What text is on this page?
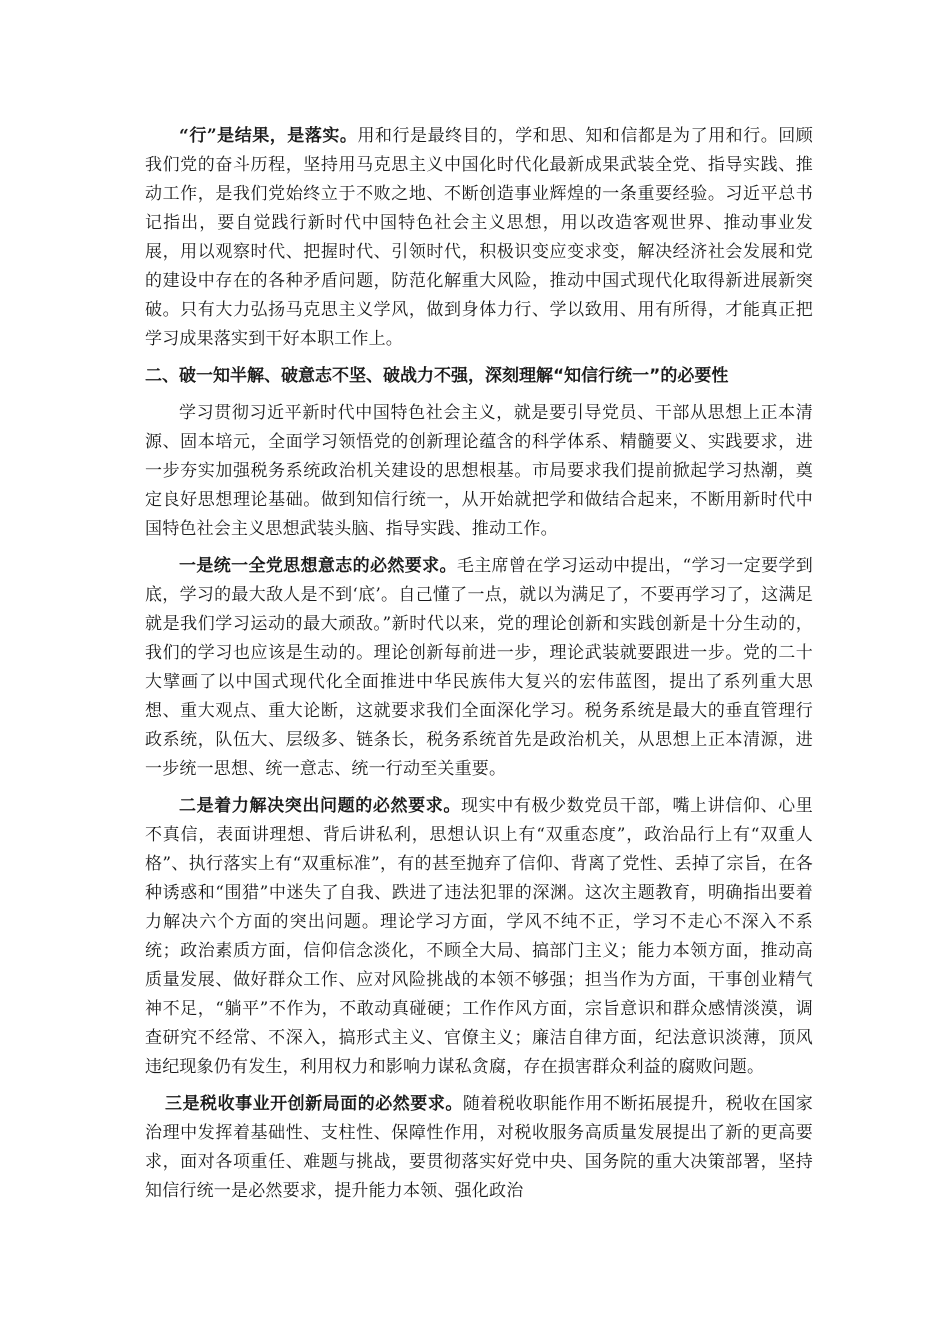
“行”是结果，是落实。用和行是最终目的，学和思、知和信都是为了用和行。回顾我们党的奋斗历程，坚持用马克思主义中国化时代化最新成果武装全党、指导实践、推动工作，是我们党始终立于不败之地、不断创造事业辉煌的一条重要经验。习近平总书记指出，要自觉践行新时代中国特色社会主义思想，用以改造客观世界、推动事业发展，用以观察时代、把握时代、引领时代，积极识变应变求变，解决经济社会发展和党的建设中存在的各种矛盾问题，防范化解重大风险，推动中国式现代化取得新进展新突破。只有大力弘扬马克思主义学风，做到身体力行、学以致用、用有所得，才能真正把学习成果落实到干好本职工作上。

二、破一知半解、破意志不坚、破战力不强，深刻理解“知信行统一”的必要性

学习贯彻习近平新时代中国特色社会主义，就是要引导党员、干部从思想上正本清源、固本培元，全面学习领悟党的创新理论蕴含的科学体系、精髓要义、实践要求，进一步夯实加强税务系统政治机关建设的思想根基。市局要求我们提前掀起学习热潮，奠定良好思想理论基础。做到知信行统一，从开始就把学和做结合起来，不断用新时代中国特色社会主义思想武装头脑、指导实践、推动工作。

一是统一全党思想意志的必然要求。毛主席曾在学习运动中提出，“学习一定要学到底，学习的最大敌人是不到‘底’。自己懂了一点，就以为满足了，不要再学习了，这满足就是我们学习运动的最大顽敌。”新时代以来，党的理论创新和实践创新是十分生动的，我们的学习也应该是生动的。理论创新每前进一步，理论武装就要跟进一步。党的二十大擘画了以中国式现代化全面推进中华民族伟大复兴的宏伟蓝图，提出了系列重大思想、重大观点、重大论断，这就要求我们全面深化学习。税务系统是最大的垂直管理行政系统，队伍大、层级多、链条长，税务系统首先是政治机关，从思想上正本清源，进一步统一思想、统一意志、统一行动至关重要。

二是着力解决突出问题的必然要求。现实中有极少数党员干部，嘴上讲信仰、心里不真信，表面讲理想、背后讲私利，思想认识上有“双重态度”，政治品行上有“双重人格”、执行落实上有“双重标准”，有的甚至抛弃了信仰、背离了党性、丢掉了宗旨，在各种诱惑和“围猎”中迷失了自我、跌进了违法犯罪的深渊。这次主题教育，明确指出要着力解决六个方面的突出问题。理论学习方面，学风不纯不正，学习不走心不深入不系统；政治素质方面，信仰信念淡化，不顾全大局、搞部门主义；能力本领方面，推动高质量发展、做好群众工作、应对风险挑战的本领不够强；担当作为方面，干事创业精气神不足，“躺平”不作为，不敢动真碰硬；工作作风方面，宗旨意识和群众感情淡漠，调查研究不经常、不深入，搞形式主义、官僚主义；廉洁自律方面，纪法意识淡薄，顶风违纪现象仍有发生，利用权力和影响力谋私贪腐，存在损害群众利益的腐败问题。

三是税收事业开创新局面的必然要求。随着税收职能作用不断拓展提升，税收在国家治理中发挥着基础性、支柱性、保障性作用，对税收服务高质量发展提出了新的更高要求，面对各项重任、难题与挑战，要贯彻落实好党中央、国务院的重大决策部署，坚持知信行统一是必然要求，提升能力本领、强化政治
